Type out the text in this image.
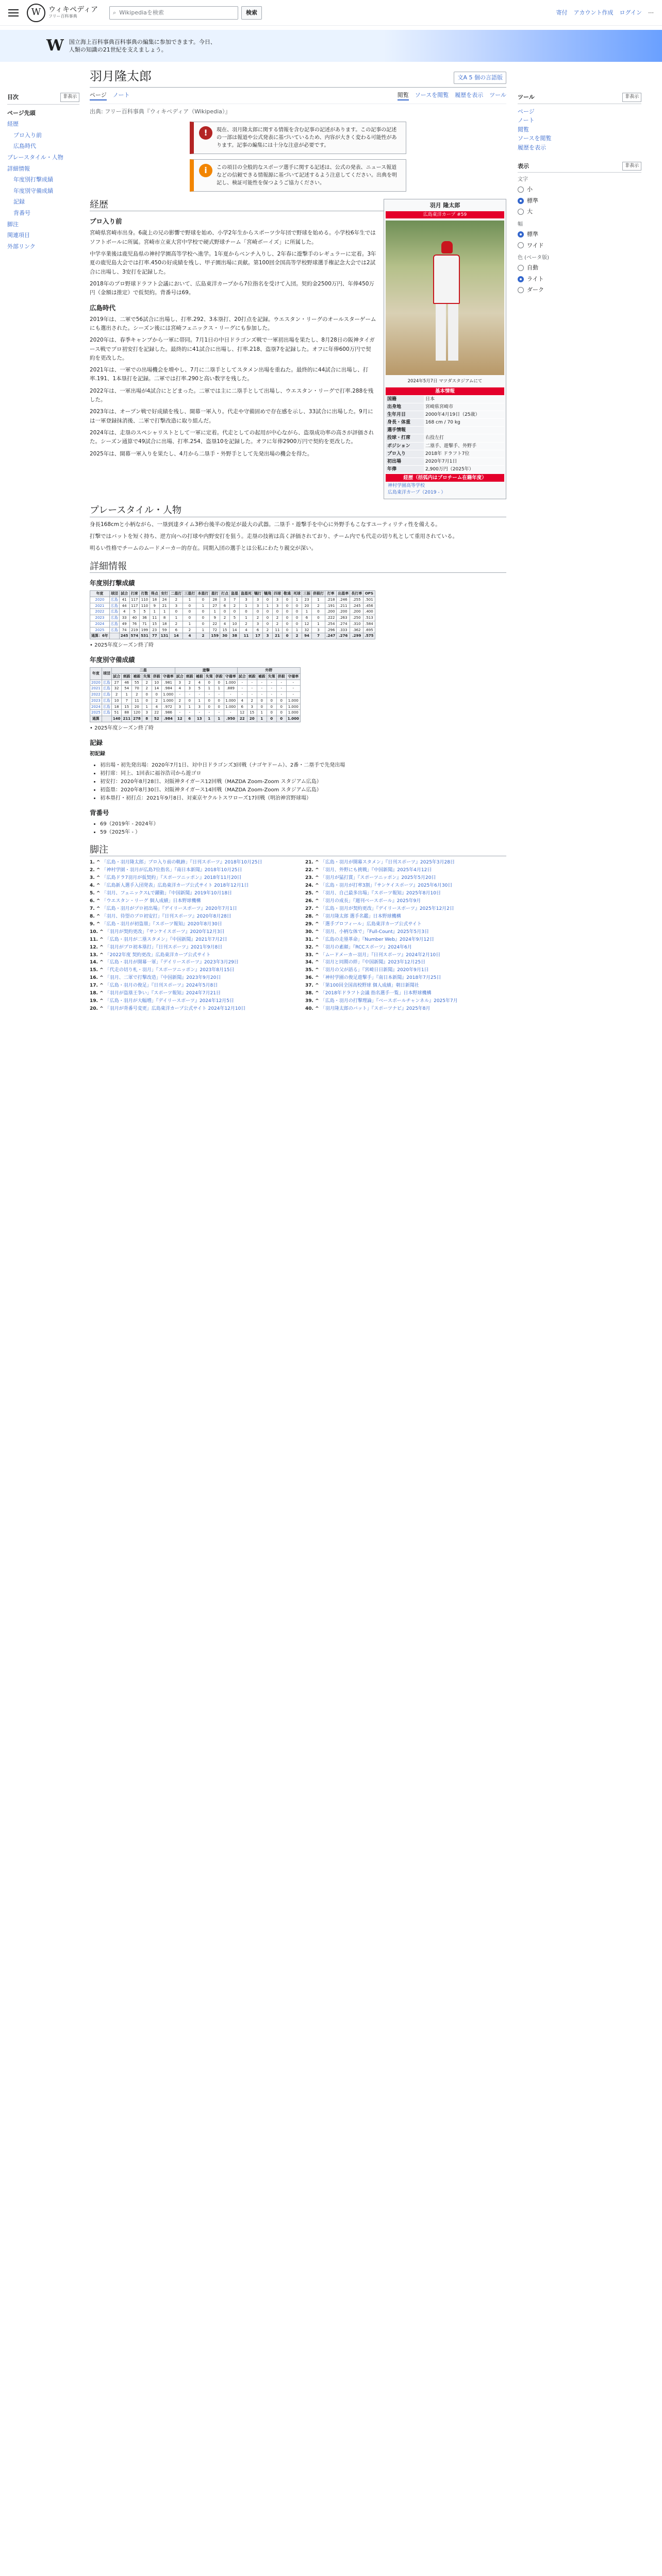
W	ウィキペディア
フリー百科事典
⌕ Wikipediaを検索	検索	寄付 アカウント作成 ログイン ⋯
W 国立海上百科事典百科事典の編集に参加できます。今日、人類の知識の21世紀を支えましょう。
目次	非表示
ページ先頭
経歴
プロ入り前
広島時代
プレースタイル・人物
詳細情報
年度別打撃成績
年度別守備成績
記録
背番号
脚注
関連項目
外部リンク
羽月隆太郎	文A 5 個の言語版
ページ ノート	閲覧 ソースを閲覧 履歴を表示 ツール
出典: フリー百科事典『ウィキペディア（Wikipedia）』
!	現在、羽月隆太郎に関する情報を含む記事の記述があります。この記事の記述の一部は報道や公式発表に基づいているため、内容が大きく変わる可能性があります。記事の編集には十分な注意が必要です。
i	この項目の全般的なスポーツ選手に関する記述は、公式の発表、ニュース報道などの信頼できる情報源に基づいて記述するよう注意してください。出典を明記し、検証可能性を保つようご協力ください。
羽月 隆太郎
広島東洋カープ #59
2024年5月7日 マツダスタジアムにて
基本情報
国籍	日本
出身地	宮崎県宮崎市
生年月日	2000年4月19日（25歳）
身長・体重	168 cm / 70 kg
選手情報
投球・打席	右投左打
ポジション	二塁手、遊撃手、外野手
プロ入り	2018年 ドラフト7位
初出場	2020年7月1日
年俸	2,900万円（2025年）
経歴（括弧内はプロチーム在籍年度）
神村学園高等学校
広島東洋カープ（2019 - ）
経歴
プロ入り前

宮崎県宮崎市出身。6歳上の兄の影響で野球を始め、小学2年生からスポーツ少年団で野球を始める。小学校6年生ではソフトボールに所属。宮崎市立東大宮中学校で硬式野球チーム「宮崎ボーイズ」に所属した。

中学卒業後は鹿児島県の神村学園高等学校へ進学。1年夏からベンチ入りし、2年春に遊撃手のレギュラーに定着。3年夏の鹿児島大会では打率.450の好成績を残し、甲子園出場に貢献。第100回全国高等学校野球選手権記念大会では2試合に出場し、3安打を記録した。

2018年のプロ野球ドラフト会議において、広島東洋カープから7位指名を受けて入団。契約金2500万円、年俸450万円（金額は推定）で仮契約。背番号は69。

広島時代

2019年は、二軍で56試合に出場し、打率.292、3本塁打、20打点を記録。ウエスタン・リーグのオールスターゲームにも選出された。シーズン後には宮崎フェニックス・リーグにも参加した。

2020年は、春季キャンプから一軍に帯同。7月1日の中日ドラゴンズ戦で一軍初出場を果たし、8月28日の阪神タイガース戦でプロ初安打を記録した。最終的に41試合に出場し、打率.218、盗塁7を記録した。オフに年俸600万円で契約を更改した。

2021年は、一軍での出場機会を増やし、7月に二塁手としてスタメン出場を重ねた。最終的に44試合に出場し、打率.191、1本塁打を記録。二軍では打率.290と高い数字を残した。

2022年は、一軍出場が4試合にとどまった。二軍では主に二塁手として出場し、ウエスタン・リーグで打率.288を残した。

2023年は、オープン戦で好成績を残し、開幕一軍入り。代走や守備固めで存在感を示し、33試合に出場した。9月には一軍登録抹消後、二軍で打撃改造に取り組んだ。

2024年は、走塁のスペシャリストとして一軍に定着。代走としての起用が中心ながら、盗塁成功率の高さが評価された。シーズン通算で49試合に出場、打率.254、盗塁10を記録した。オフに年俸2900万円で契約を更改した。

2025年は、開幕一軍入りを果たし、4月から二塁手・外野手として先発出場の機会を得た。

プレースタイル・人物

身長168cmと小柄ながら、一塁到達タイム3秒台後半の俊足が最大の武器。二塁手・遊撃手を中心に外野手もこなすユーティリティ性を備える。

打撃ではバットを短く持ち、逆方向への打球や内野安打を狙う。走塁の技術は高く評価されており、チーム内でも代走の切り札として重用されている。

明るい性格でチームのムードメーカー的存在。同期入団の選手とは公私にわたり親交が深い。

詳細情報
年度別打撃成績
年度	球団	試合	打席	打数	得点	安打	二塁打	三塁打	本塁打	塁打	打点	盗塁	盗塁死	犠打	犠飛	四球	敬遠	死球	三振	併殺打	打率	出塁率	長打率	OPS
2020	広島	41	117	110	18	24	2	1	0	28	3	7	3	3	0	3	0	1	23	1	.218	.246	.255	.501
2021	広島	44	117	110	9	21	3	0	1	27	6	2	1	3	1	3	0	0	20	2	.191	.211	.245	.456
2022	広島	4	5	5	1	1	0	0	0	1	0	0	0	0	0	0	0	0	1	0	.200	.200	.200	.400
2023	広島	33	40	36	11	8	1	0	0	9	2	5	1	2	0	2	0	0	6	0	.222	.263	.250	.513
2024	広島	49	76	71	15	18	2	1	0	22	4	10	2	3	0	2	0	0	12	1	.254	.274	.310	.584
2025	広島	74	219	199	23	59	6	2	1	72	15	14	4	6	2	11	0	1	32	3	.296	.333	.362	.695
通算：6年		245	574	531	77	131	14	4	2	159	30	38	11	17	3	21	0	2	94	7	.247	.276	.299	.575
• 2025年度シーズン終了時
年度別守備成績
年度	球団	二塁						遊撃						外野					
		試合	刺殺	補殺	失策	併殺	守備率	試合	刺殺	補殺	失策	併殺	守備率	試合	刺殺	補殺	失策	併殺	守備率
2020	広島	27	46	55	2	10	.981	3	2	4	0	0	1.000	-	-	-	-	-	-
2021	広島	32	54	70	2	14	.984	4	3	5	1	1	.889	-	-	-	-	-	-
2022	広島	2	1	2	0	0	1.000	-	-	-	-	-	-	-	-	-	-	-	-
2023	広島	10	7	11	0	2	1.000	2	0	1	0	0	1.000	4	2	0	0	0	1.000
2024	広島	18	15	20	1	4	.972	3	1	3	0	0	1.000	6	3	0	0	0	1.000
2025	広島	51	88	120	3	22	.986	-	-	-	-	-	-	12	15	1	0	0	1.000
通算		140	211	278	8	52	.984	12	6	13	1	1	.950	22	20	1	0	0	1.000
• 2025年度シーズン終了時
記録
初記録
• 初出場・初先発出場：2020年7月1日、対中日ドラゴンズ3回戦（ナゴヤドーム）、2番・二塁手で先発出場
• 初打席：同上、1回表に福谷浩司から遊ゴロ
• 初安打：2020年8月28日、対阪神タイガース12回戦（MAZDA Zoom-Zoom スタジアム広島）
• 初盗塁：2020年8月30日、対阪神タイガース14回戦（MAZDA Zoom-Zoom スタジアム広島）
• 初本塁打・初打点：2021年9月8日、対東京ヤクルトスワローズ17回戦（明治神宮野球場）
背番号
• 69（2019年 - 2024年）
• 59（2025年 - ）
脚注
1. ^ 「広島・羽月隆太郎」プロ入り前の軌跡」『日刊スポーツ』2018年10月25日
2. ^ 「神村学園・羽月が広島7位指名」『南日本新聞』2018年10月25日
3. ^ 「広島ドラ7羽月が仮契約」『スポーツニッポン』2018年11月20日
4. ^ 「広島新人選手入団発表」広島東洋カープ公式サイト 2018年12月1日
5. ^ 「羽月、フェニックスLで躍動」『中国新聞』2019年10月18日
6. ^ 「ウエスタン・リーグ 個人成績」日本野球機構
7. ^ 「広島・羽月がプロ初出場」『デイリースポーツ』2020年7月1日
8. ^ 「羽月、待望のプロ初安打」『日刊スポーツ』2020年8月28日
9. ^ 「広島・羽月が初盗塁」『スポーツ報知』2020年8月30日
10. ^ 「羽月が契約更改」『サンケイスポーツ』2020年12月3日
11. ^ 「広島・羽月が二塁スタメン」『中国新聞』2021年7月2日
12. ^ 「羽月がプロ初本塁打」『日刊スポーツ』2021年9月8日
13. ^ 「2022年度 契約更改」広島東洋カープ公式サイト
14. ^ 「広島・羽月が開幕一軍」『デイリースポーツ』2023年3月29日
15. ^ 「代走の切り札・羽月」『スポーツニッポン』2023年8月15日
16. ^ 「羽月、二軍で打撃改造」『中国新聞』2023年9月20日
17. ^ 「広島・羽月の俊足」『日刊スポーツ』2024年5月8日
18. ^ 「羽月が盗塁王争い」『スポーツ報知』2024年7月21日
19. ^ 「広島・羽月が大幅増」『デイリースポーツ』2024年12月5日
20. ^ 「羽月が背番号変更」広島東洋カープ公式サイト 2024年12月10日
21. ^ 「広島・羽月が開幕スタメン」『日刊スポーツ』2025年3月28日
22. ^ 「羽月、外野にも挑戦」『中国新聞』2025年4月12日
23. ^ 「羽月が猛打賞」『スポーツニッポン』2025年5月20日
24. ^ 「広島・羽月が打率3割」『サンケイスポーツ』2025年6月30日
25. ^ 「羽月、自己最多出場」『スポーツ報知』2025年8月10日
26. ^ 「羽月の成長」『週刊ベースボール』2025年9月
27. ^ 「広島・羽月が契約更改」『デイリースポーツ』2025年12月2日
28. ^ 「羽月隆太郎 選手名鑑」日本野球機構
29. ^ 「選手プロフィール」広島東洋カープ公式サイト
30. ^ 「羽月、小柄な体で」『Full-Count』2025年5月3日
31. ^ 「広島の走塁革命」『Number Web』2024年9月12日
32. ^ 「羽月の素顔」『RCCスポーツ』2024年6月
33. ^ 「ムードメーカー羽月」『日刊スポーツ』2024年2月10日
34. ^ 「羽月と同期の絆」『中国新聞』2023年12月25日
35. ^ 「羽月の父が語る」『宮崎日日新聞』2020年9月1日
36. ^ 「神村学園の俊足遊撃手」『南日本新聞』2018年7月25日
37. ^ 「第100回全国高校野球 個人成績」朝日新聞社
38. ^ 「2018年ドラフト会議 指名選手一覧」日本野球機構
39. ^ 「広島・羽月の打撃理論」『ベースボールチャンネル』2025年7月
40. ^ 「羽月隆太郎のバット」『スポーツナビ』2025年8月
ツール	非表示
ページ
ノート
閲覧
ソースを閲覧
履歴を表示
表示	非表示
文字
小
標準
大
幅
標準
ワイド
色 (ベータ版)
自動
ライト
ダーク
